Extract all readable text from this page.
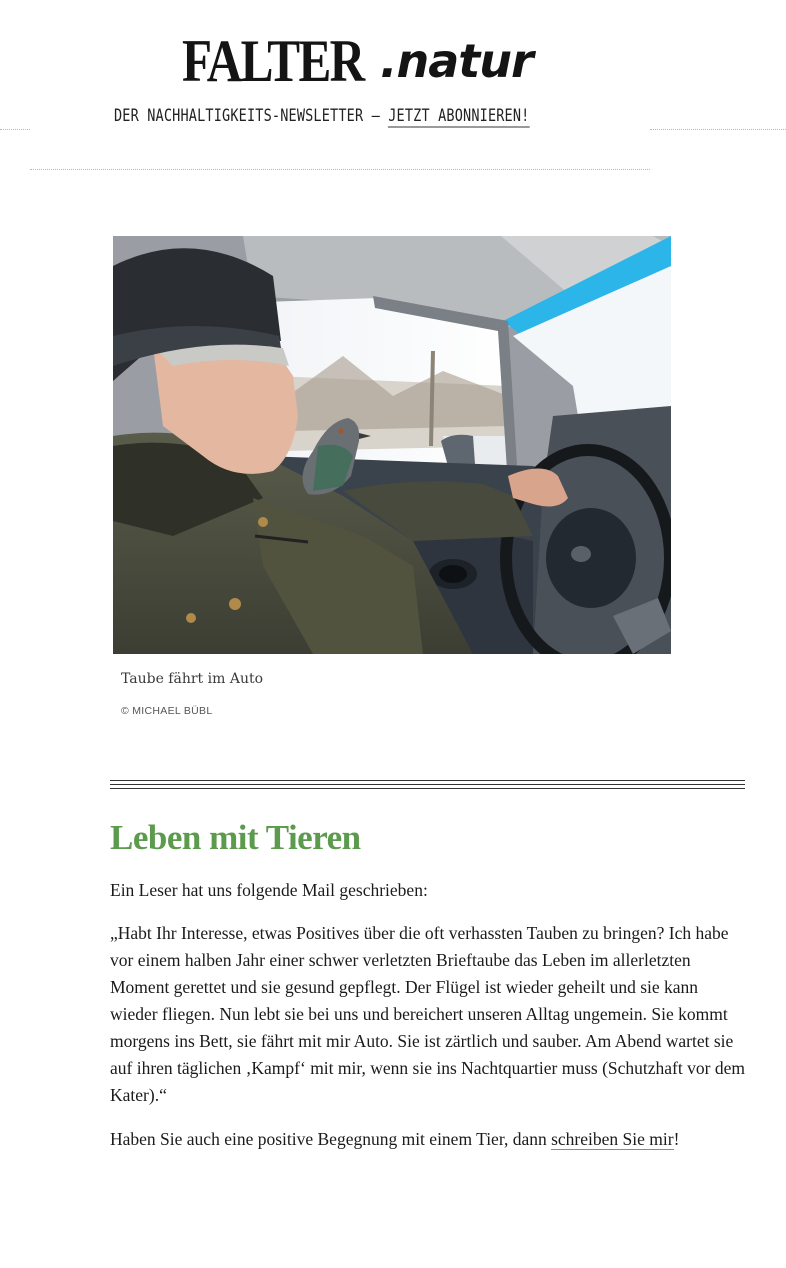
FALTER .natur
DER NACHHALTIGKEITS-NEWSLETTER – JETZT ABONNIEREN!
Taube fährt im Auto
© MICHAEL BÜBL
Leben mit Tieren

Ein Leser hat uns folgende Mail geschrieben:

„Habt Ihr Interesse, etwas Positives über die oft verhassten Tauben zu bringen? Ich habe vor einem halben Jahr einer schwer verletzten Brieftaube das Leben im allerletzten Moment gerettet und sie gesund gepflegt. Der Flügel ist wieder geheilt und sie kann wieder fliegen. Nun lebt sie bei uns und bereichert unseren Alltag ungemein. Sie kommt morgens ins Bett, sie fährt mit mir Auto. Sie ist zärtlich und sauber. Am Abend wartet sie auf ihren täglichen ‚Kampf‘ mit mir, wenn sie ins Nachtquartier muss (Schutzhaft vor dem Kater).“

Haben Sie auch eine positive Begegnung mit einem Tier, dann schreiben Sie mir!
